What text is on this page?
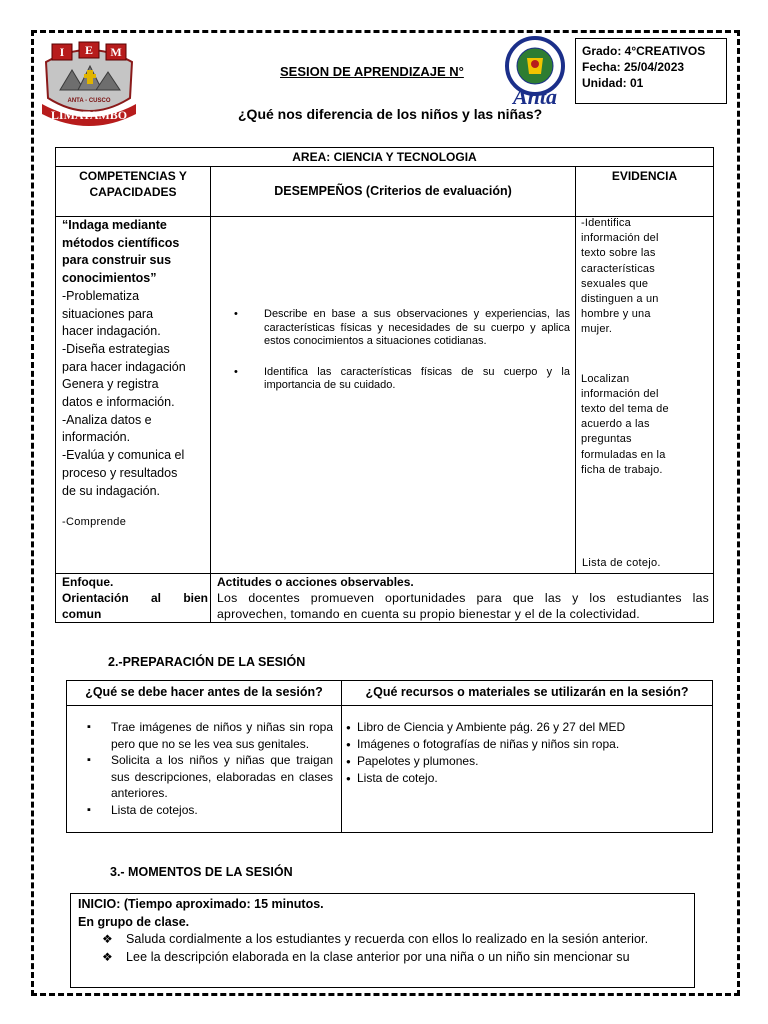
I E M
ANTA - CUSCO
LIMATAMBO
Anta
SESION DE APRENDIZAJE N°
¿Qué nos diferencia de los niños y las niñas?
Grado: 4°CREATIVOS
Fecha: 25/04/2023
Unidad: 01
AREA: CIENCIA Y TECNOLOGIA
COMPETENCIAS Y
CAPACIDADES	DESEMPEÑOS (Criterios de evaluación)
EVIDENCIA
“Indaga mediante
métodos científicos
para construir sus
conocimientos”
-Problematiza
situaciones para
hacer indagación.
-Diseña estrategias
para hacer indagación
Genera y registra
datos e información.
-Analiza datos e
información.
-Evalúa y comunica el
proceso y resultados
de su indagación.
-Comprende
• Describe en base a sus observaciones y experiencias, las características físicas y necesidades de su cuerpo y aplica estos conocimientos a situaciones cotidianas.
• Identifica las características físicas de su cuerpo y la importancia de su cuidado.
-Identifica
información del
texto sobre las
características
sexuales que
distinguen a un
hombre y una
mujer.
Localizan
información del
texto del tema de
acuerdo a las
preguntas
formuladas en la
ficha de trabajo.
Lista de cotejo.
Enfoque.
Orientación al bien
comun
Actitudes o acciones observables.
Los docentes promueven oportunidades para que las y los estudiantes las aprovechen, tomando en cuenta su propio bienestar y el de la colectividad.
2.-PREPARACIÓN DE LA SESIÓN
¿Qué se debe hacer antes de la sesión?	¿Qué recursos o materiales se utilizarán en la sesión?
▪ Trae imágenes de niños y niñas sin ropa pero que no se les vea sus genitales.
▪ Solicita a los niños y niñas que traigan sus descripciones, elaboradas en clases anteriores.
▪ Lista de cotejos.
● Libro de Ciencia y Ambiente pág. 26 y 27 del MED
● Imágenes o fotografías de niñas y niños sin ropa.
● Papelotes y plumones.
● Lista de cotejo.
3.- MOMENTOS DE LA SESIÓN
INICIO: (Tiempo aproximado: 15 minutos.
En grupo de clase.
❖ Saluda cordialmente a los estudiantes y recuerda con ellos lo realizado en la sesión anterior.
❖ Lee la descripción elaborada en la clase anterior por una niña o un niño sin mencionar su
